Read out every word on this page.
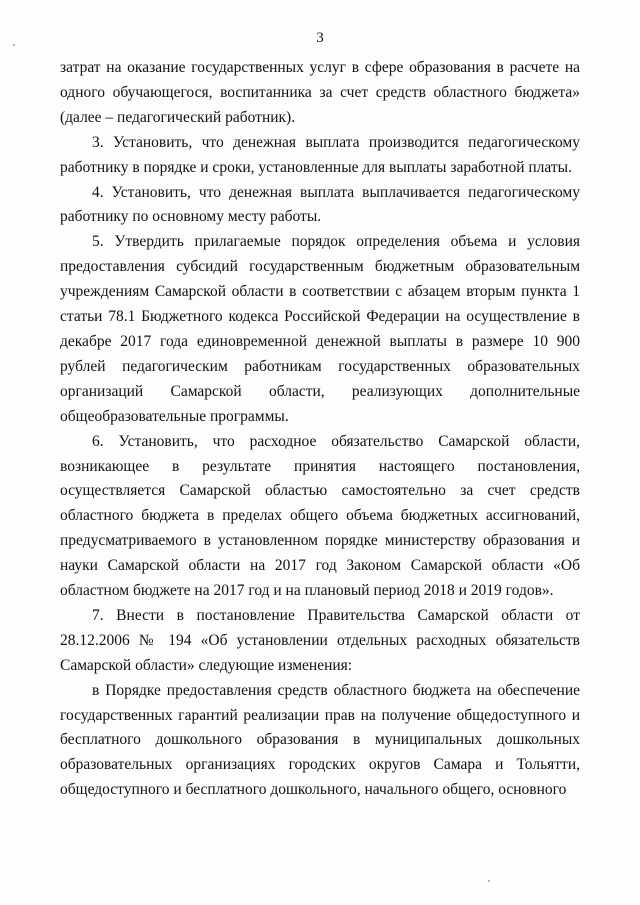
3

затрат на оказание государственных услуг в сфере образования в расчете на одного обучающегося, воспитанника за счет средств областного бюджета» (далее – педагогический работник).

3. Установить, что денежная выплата производится педагогическому работнику в порядке и сроки, установленные для выплаты заработной платы.

4. Установить, что денежная выплата выплачивается педагогическому работнику по основному месту работы.

5. Утвердить прилагаемые порядок определения объема и условия предоставления субсидий государственным бюджетным образовательным учреждениям Самарской области в соответствии с абзацем вторым пункта 1 статьи 78.1 Бюджетного кодекса Российской Федерации на осуществление в декабре 2017 года единовременной денежной выплаты в размере 10 900 рублей педагогическим работникам государственных образовательных организаций Самарской области, реализующих дополнительные общеобразовательные программы.

6. Установить, что расходное обязательство Самарской области, возникающее в результате принятия настоящего постановления, осуществляется Самарской областью самостоятельно за счет средств областного бюджета в пределах общего объема бюджетных ассигнований, предусматриваемого в установленном порядке министерству образования и науки Самарской области на 2017 год Законом Самарской области «Об областном бюджете на 2017 год и на плановый период 2018 и 2019 годов».

7. Внести в постановление Правительства Самарской области от 28.12.2006 № 194 «Об установлении отдельных расходных обязательств Самарской области» следующие изменения:

в Порядке предоставления средств областного бюджета на обеспечение государственных гарантий реализации прав на получение общедоступного и бесплатного дошкольного образования в муниципальных дошкольных образовательных организациях городских округов Самара и Тольятти, общедоступного и бесплатного дошкольного, начального общего, основного
